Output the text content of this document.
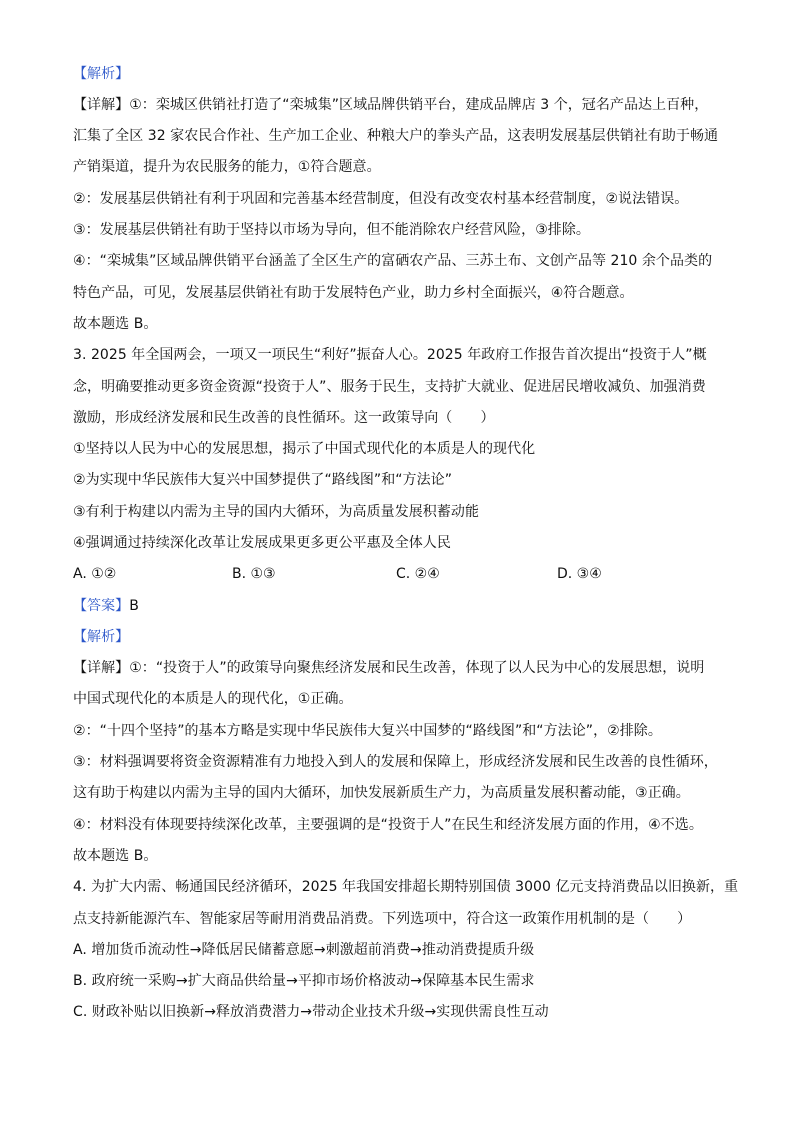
【解析】
【详解】①：栾城区供销社打造了“栾城集”区域品牌供销平台，建成品牌店 3 个，冠名产品达上百种，
汇集了全区 32 家农民合作社、生产加工企业、种粮大户的拳头产品，这表明发展基层供销社有助于畅通
产销渠道，提升为农民服务的能力，①符合题意。
②：发展基层供销社有利于巩固和完善基本经营制度，但没有改变农村基本经营制度，②说法错误。
③：发展基层供销社有助于坚持以市场为导向，但不能消除农户经营风险，③排除。
④：“栾城集”区域品牌供销平台涵盖了全区生产的富硒农产品、三苏土布、文创产品等 210 余个品类的
特色产品，可见，发展基层供销社有助于发展特色产业，助力乡村全面振兴，④符合题意。
故本题选 B。
3. 2025 年全国两会，一项又一项民生“利好”振奋人心。2025 年政府工作报告首次提出“投资于人”概
念，明确要推动更多资金资源“投资于人”、服务于民生，支持扩大就业、促进居民增收减负、加强消费
激励，形成经济发展和民生改善的良性循环。这一政策导向（　　）
①坚持以人民为中心的发展思想，揭示了中国式现代化的本质是人的现代化
②为实现中华民族伟大复兴中国梦提供了“路线图”和“方法论”
③有利于构建以内需为主导的国内大循环，为高质量发展积蓄动能
④强调通过持续深化改革让发展成果更多更公平惠及全体人民
A. ①②	B. ①③	C. ②④	D. ③④
【答案】B
【解析】
【详解】①：“投资于人”的政策导向聚焦经济发展和民生改善，体现了以人民为中心的发展思想，说明
中国式现代化的本质是人的现代化，①正确。
②：“十四个坚持”的基本方略是实现中华民族伟大复兴中国梦的“路线图”和“方法论”，②排除。
③：材料强调要将资金资源精准有力地投入到人的发展和保障上，形成经济发展和民生改善的良性循环，
这有助于构建以内需为主导的国内大循环，加快发展新质生产力，为高质量发展积蓄动能，③正确。
④：材料没有体现要持续深化改革，主要强调的是“投资于人”在民生和经济发展方面的作用，④不选。
故本题选 B。
4. 为扩大内需、畅通国民经济循环，2025 年我国安排超长期特别国债 3000 亿元支持消费品以旧换新，重
点支持新能源汽车、智能家居等耐用消费品消费。下列选项中，符合这一政策作用机制的是（　　）
A. 增加货币流动性→降低居民储蓄意愿→刺激超前消费→推动消费提质升级
B. 政府统一采购→扩大商品供给量→平抑市场价格波动→保障基本民生需求
C. 财政补贴以旧换新→释放消费潜力→带动企业技术升级→实现供需良性互动
